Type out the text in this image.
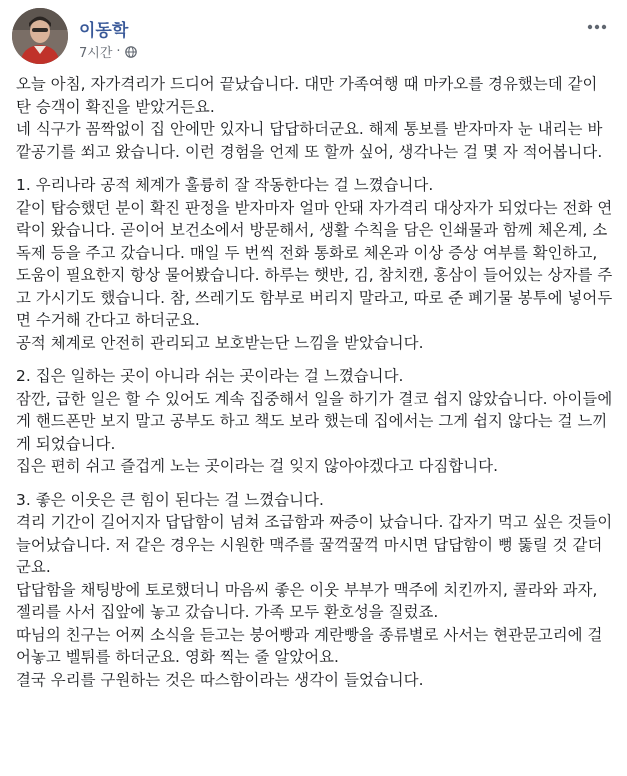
이동학
7시간 ·

오늘 아침, 자가격리가 드디어 끝났습니다. 대만 가족여행 때 마카오를 경유했는데 같이 탄 승객이 확진을 받았거든요.
네 식구가 꼼짝없이 집 안에만 있자니 답답하더군요. 해제 통보를 받자마자 눈 내리는 바깥공기를 쐬고 왔습니다. 이런 경험을 언제 또 할까 싶어, 생각나는 걸 몇 자 적어봅니다.

1. 우리나라 공적 체계가 훌륭히 잘 작동한다는 걸 느꼈습니다.
같이 탑승했던 분이 확진 판정을 받자마자 얼마 안돼 자가격리 대상자가 되었다는 전화 연락이 왔습니다. 곧이어 보건소에서 방문해서, 생활 수칙을 담은 인쇄물과 함께 체온계, 소독제 등을 주고 갔습니다. 매일 두 번씩 전화 통화로 체온과 이상 증상 여부를 확인하고, 도움이 필요한지 항상 물어봤습니다. 하루는 햇반, 김, 참치캔, 홍삼이 들어있는 상자를 주고 가시기도 했습니다. 참, 쓰레기도 함부로 버리지 말라고, 따로 준 폐기물 봉투에 넣어두면 수거해 간다고 하더군요.
공적 체계로 안전히 관리되고 보호받는단 느낌을 받았습니다.

2. 집은 일하는 곳이 아니라 쉬는 곳이라는 걸 느꼈습니다.
잠깐, 급한 일은 할 수 있어도 계속 집중해서 일을 하기가 결코 쉽지 않았습니다. 아이들에게 핸드폰만 보지 말고 공부도 하고 책도 보라 했는데 집에서는 그게 쉽지 않다는 걸 느끼게 되었습니다.
집은 편히 쉬고 즐겁게 노는 곳이라는 걸 잊지 않아야겠다고 다짐합니다.

3. 좋은 이웃은 큰 힘이 된다는 걸 느꼈습니다.
격리 기간이 길어지자 답답함이 넘쳐 조급함과 짜증이 났습니다. 갑자기 먹고 싶은 것들이 늘어났습니다. 저 같은 경우는 시원한 맥주를 꿀꺽꿀꺽 마시면 답답함이 뻥 뚫릴 것 같더군요.
답답함을 채팅방에 토로했더니 마음씨 좋은 이웃 부부가 맥주에 치킨까지, 콜라와 과자, 젤리를 사서 집앞에 놓고 갔습니다. 가족 모두 환호성을 질렀죠.
따님의 친구는 어찌 소식을 듣고는 붕어빵과 계란빵을 종류별로 사서는 현관문고리에 걸어놓고 벨튀를 하더군요. 영화 찍는 줄 알았어요.
결국 우리를 구원하는 것은 따스함이라는 생각이 들었습니다.
